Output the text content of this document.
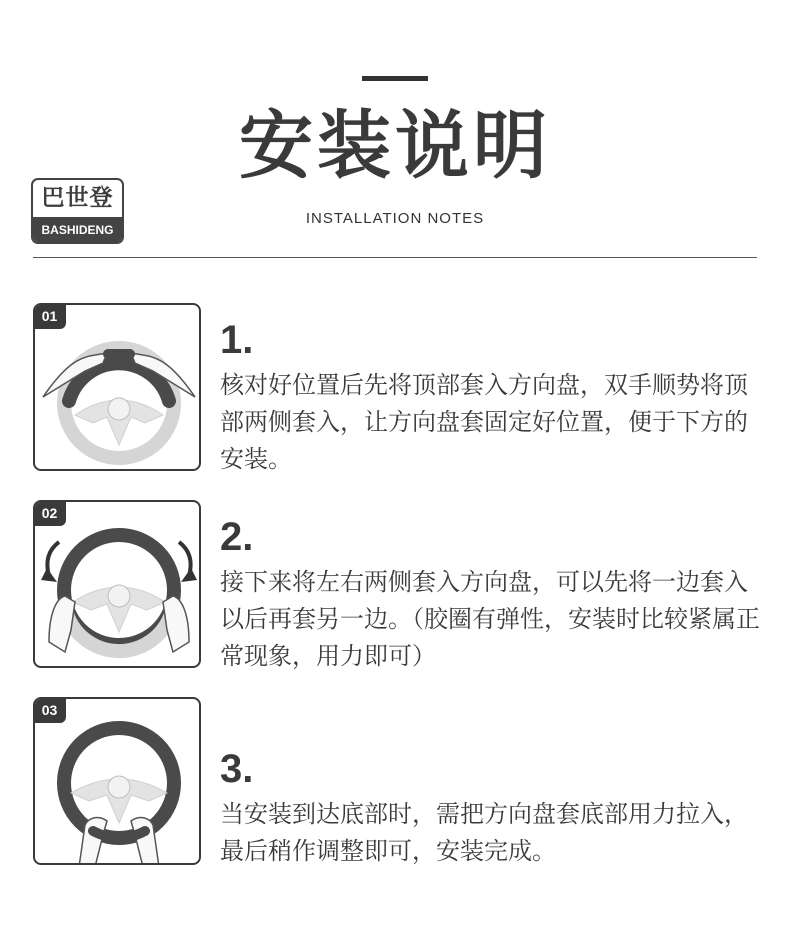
安装说明
巴世登
BASHIDENG
INSTALLATION NOTES
01
1.
核对好位置后先将顶部套入方向盘，双手顺势将顶部两侧套入，让方向盘套固定好位置，便于下方的安装。
02
2.
接下来将左右两侧套入方向盘，可以先将一边套入以后再套另一边。（胶圈有弹性，安装时比较紧属正常现象，用力即可）
03
3.
当安装到达底部时，需把方向盘套底部用力拉入，最后稍作调整即可，安装完成。
